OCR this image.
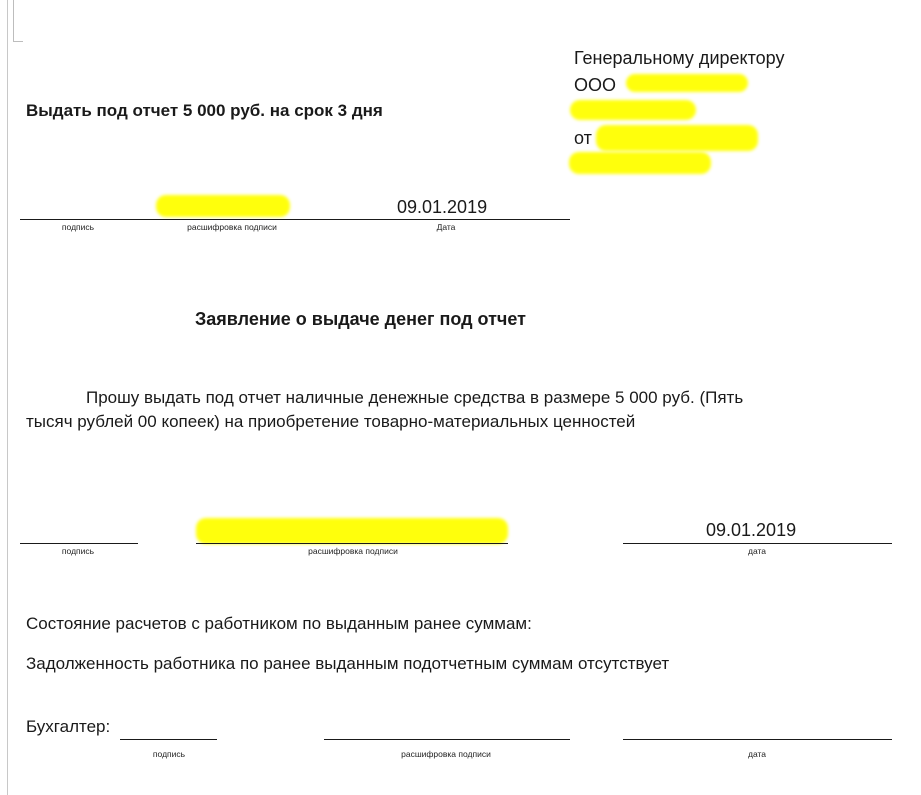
Генеральному директору
ООО
от
Выдать под отчет 5 000 руб. на срок 3 дня
09.01.2019
подпись	расшифровка подписи	Дата
Заявление о выдаче денег под отчет
Прошу выдать под отчет наличные денежные средства в размере 5 000 руб. (Пять
тысяч рублей 00 копеек) на приобретение товарно-материальных ценностей
09.01.2019
подпись	расшифровка подписи	дата
Состояние расчетов с работником по выданным ранее суммам:
Задолженность работника по ранее выданным подотчетным суммам отсутствует
Бухгалтер:
подпись	расшифровка подписи	дата
